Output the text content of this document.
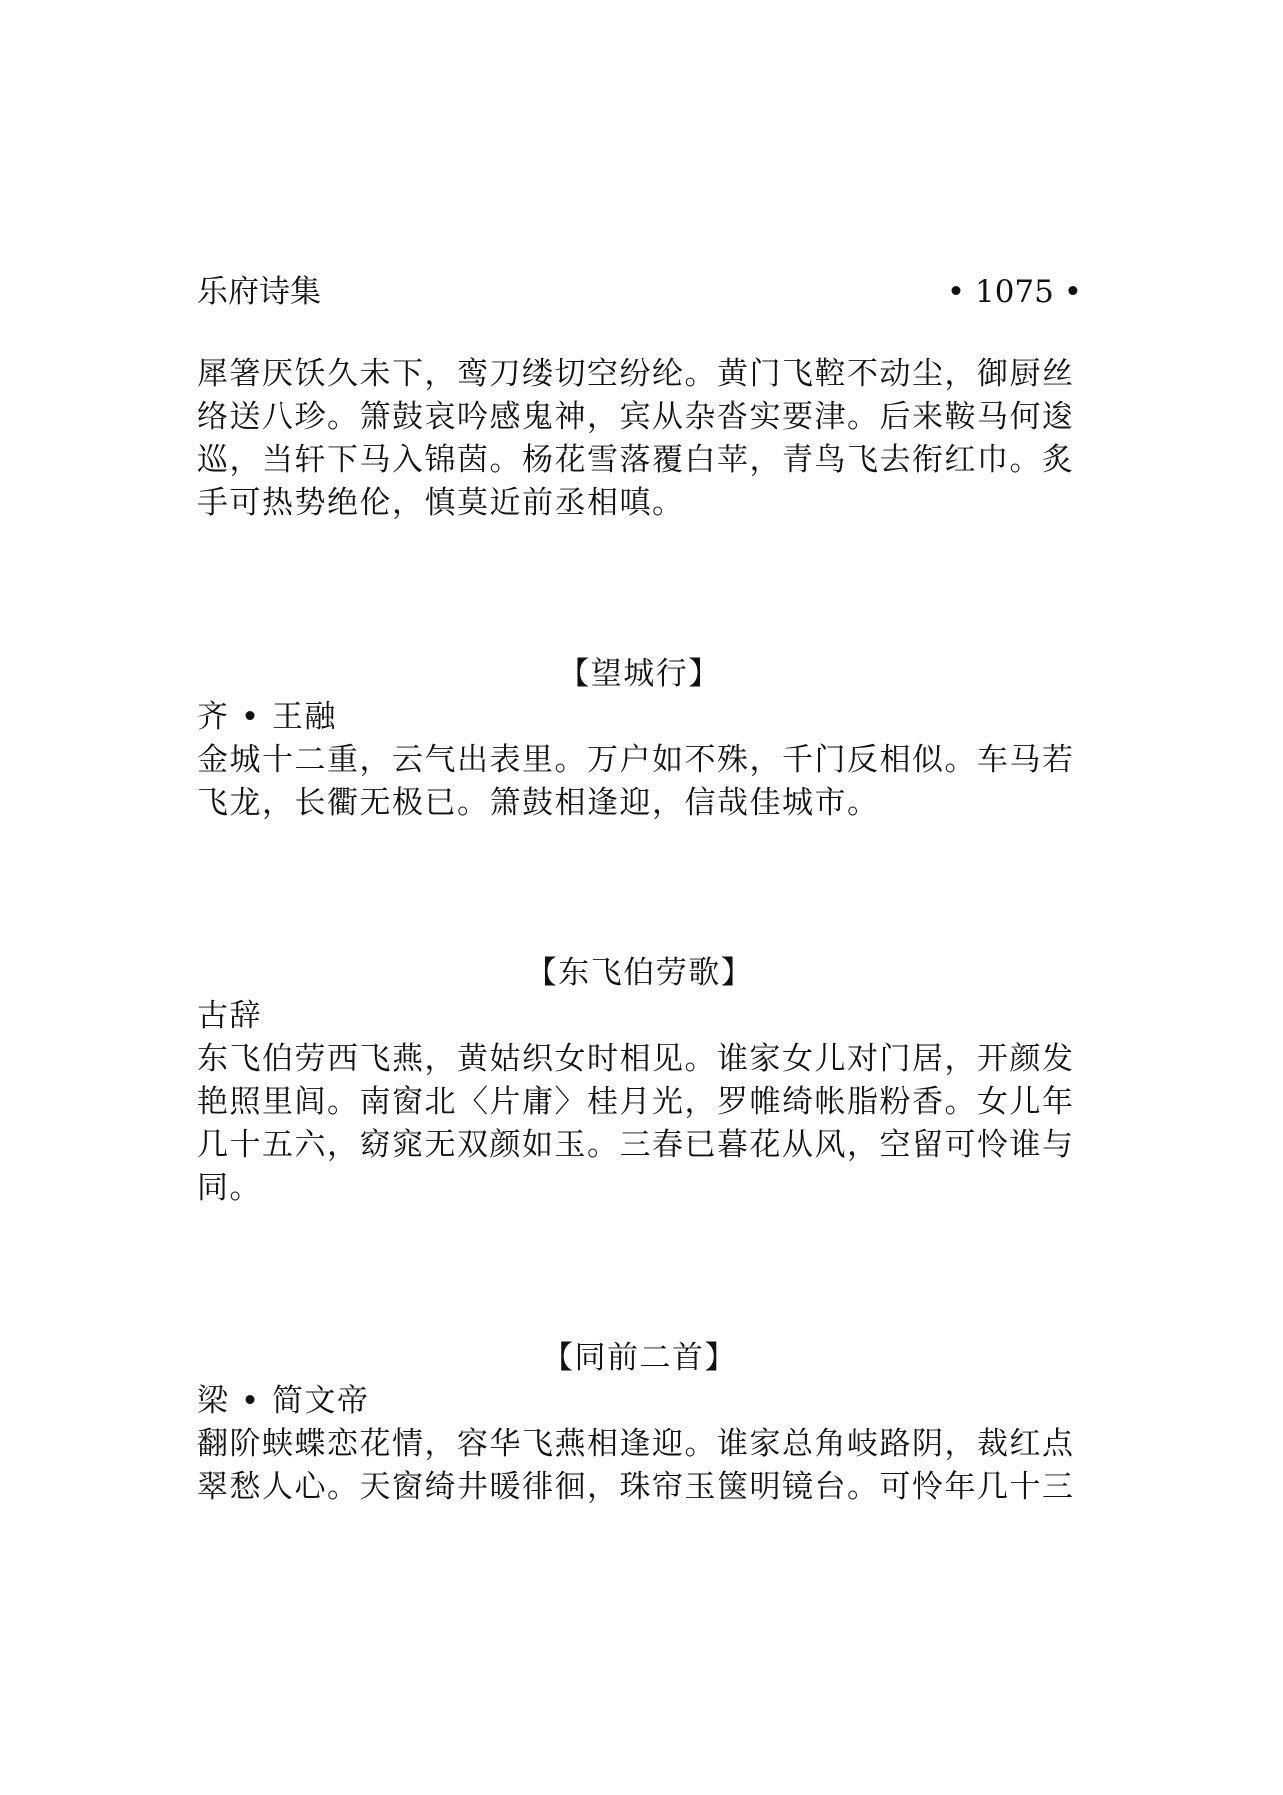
乐府诗集	• 1075 •

犀箸厌饫久未下，鸾刀缕切空纷纶。黄门飞鞚不动尘，御厨丝
络送八珍。箫鼓哀吟感鬼神，宾从杂沓实要津。后来鞍马何逡
巡，当轩下马入锦茵。杨花雪落覆白苹，青鸟飞去衔红巾。炙
手可热势绝伦，慎莫近前丞相嗔。

【望城行】
齐 • 王融

金城十二重，云气出表里。万户如不殊，千门反相似。车马若
飞龙，长衢无极已。箫鼓相逢迎，信哉佳城市。

【东飞伯劳歌】
古辞

东飞伯劳西飞燕，黄姑织女时相见。谁家女儿对门居，开颜发
艳照里闾。南窗北〈片庸〉桂月光，罗帷绮帐脂粉香。女儿年
几十五六，窈窕无双颜如玉。三春已暮花从风，空留可怜谁与
同。

【同前二首】
梁 • 简文帝

翻阶蛱蝶恋花情，容华飞燕相逢迎。谁家总角岐路阴，裁红点
翠愁人心。天窗绮井暖徘徊，珠帘玉箧明镜台。可怜年几十三
